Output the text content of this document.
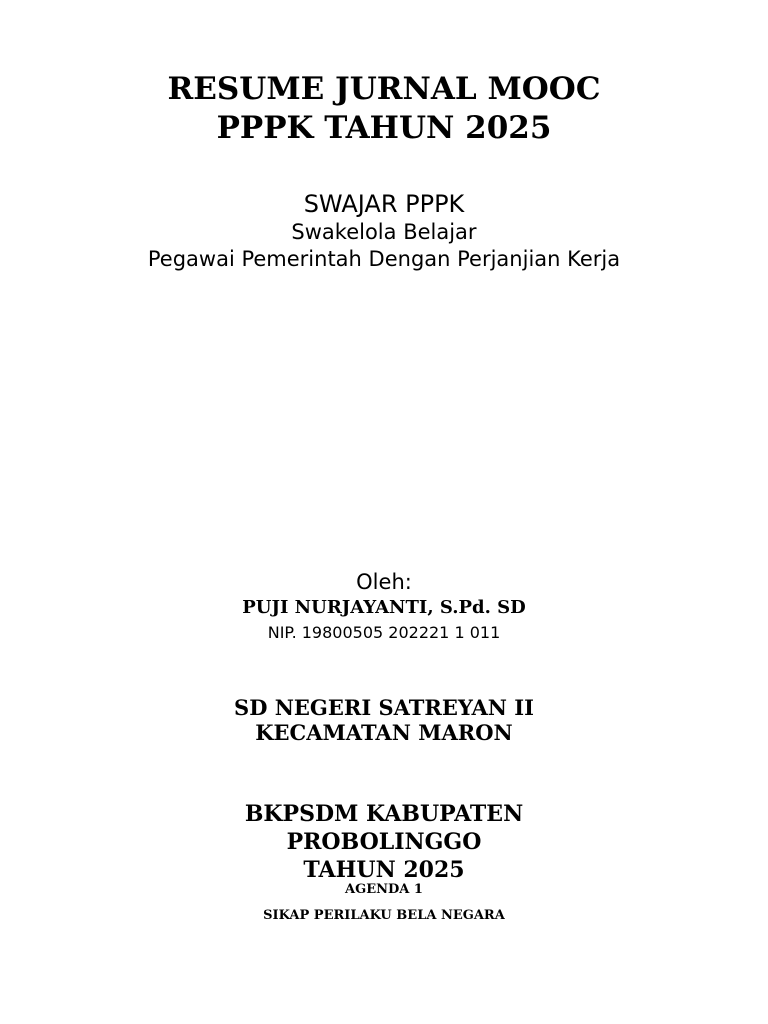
RESUME JURNAL MOOC
PPPK TAHUN 2025

SWAJAR PPPK

Swakelola Belajar

Pegawai Pemerintah Dengan Perjanjian Kerja

Oleh:

PUJI NURJAYANTI, S.Pd. SD

NIP. 19800505 202221 1 011

SD NEGERI SATREYAN II

KECAMATAN MARON

BKPSDM KABUPATEN

PROBOLINGGO

TAHUN 2025

AGENDA 1

SIKAP PERILAKU BELA NEGARA
